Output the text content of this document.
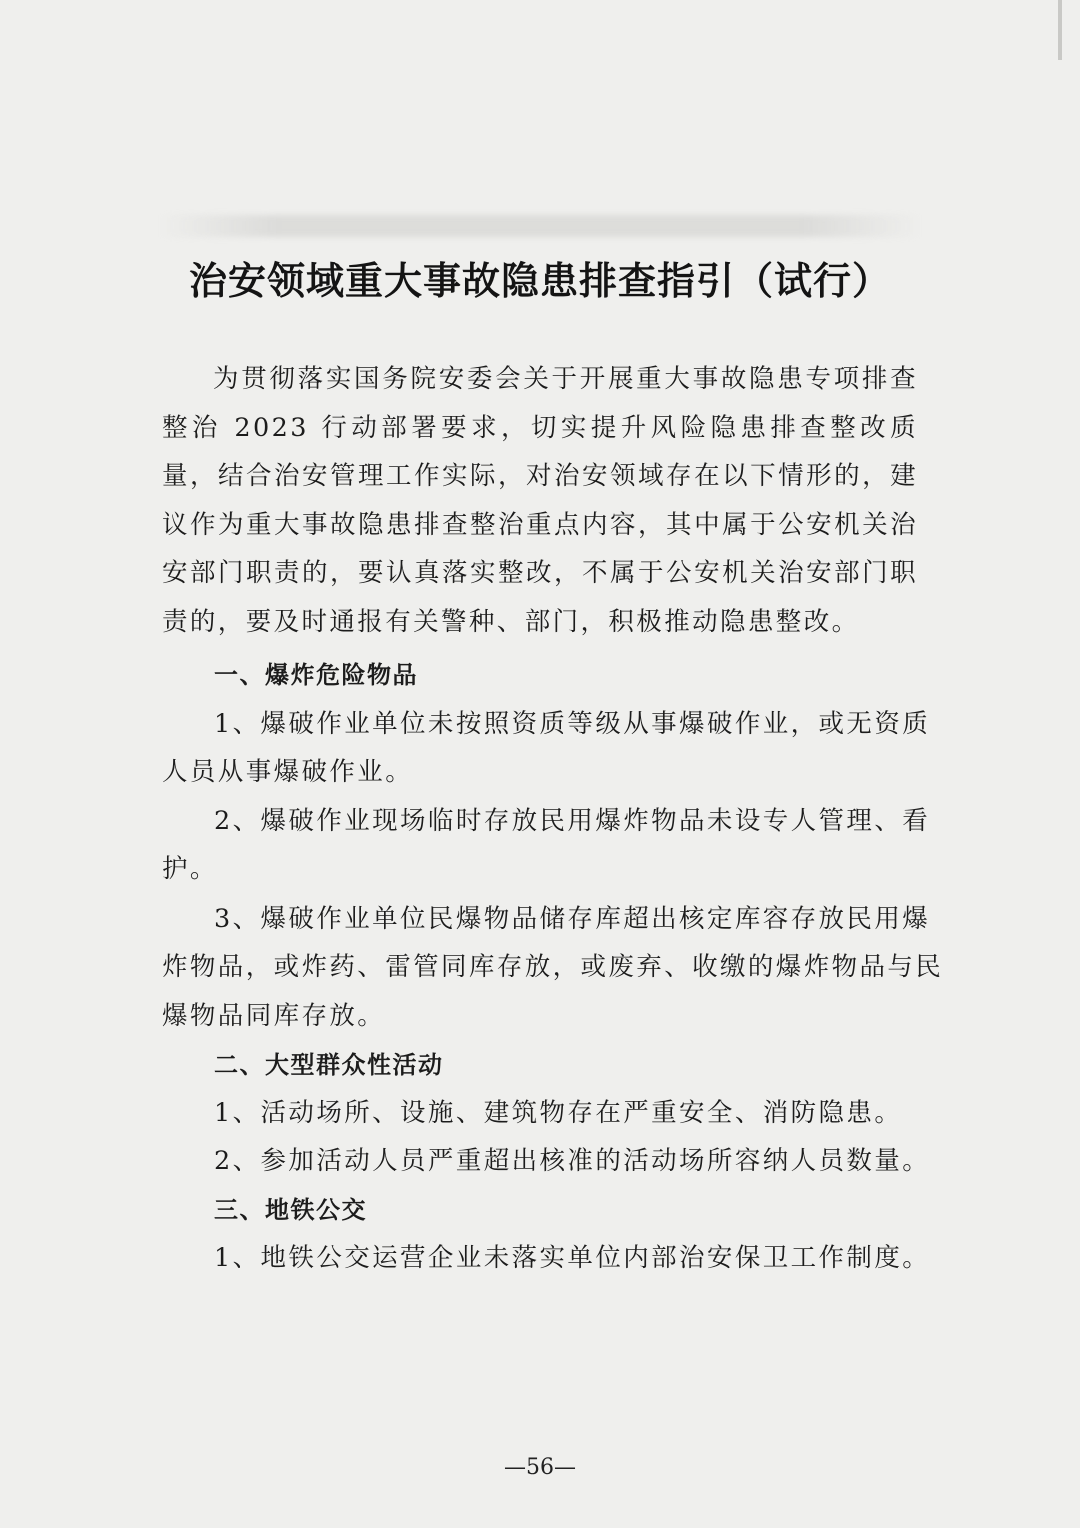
治安领域重大事故隐患排查指引（试行）

为贯彻落实国务院安委会关于开展重大事故隐患专项排查整治 2023 行动部署要求，切实提升风险隐患排查整改质量，结合治安管理工作实际，对治安领域存在以下情形的，建议作为重大事故隐患排查整治重点内容，其中属于公安机关治安部门职责的，要认真落实整改，不属于公安机关治安部门职责的，要及时通报有关警种、部门，积极推动隐患整改。

一、爆炸危险物品

1、爆破作业单位未按照资质等级从事爆破作业，或无资质

人员从事爆破作业。

2、爆破作业现场临时存放民用爆炸物品未设专人管理、看

护。

3、爆破作业单位民爆物品储存库超出核定库容存放民用爆

炸物品，或炸药、雷管同库存放，或废弃、收缴的爆炸物品与民

爆物品同库存放。

二、大型群众性活动

1、活动场所、设施、建筑物存在严重安全、消防隐患。

2、参加活动人员严重超出核准的活动场所容纳人员数量。

三、地铁公交

1、地铁公交运营企业未落实单位内部治安保卫工作制度。

—56—
